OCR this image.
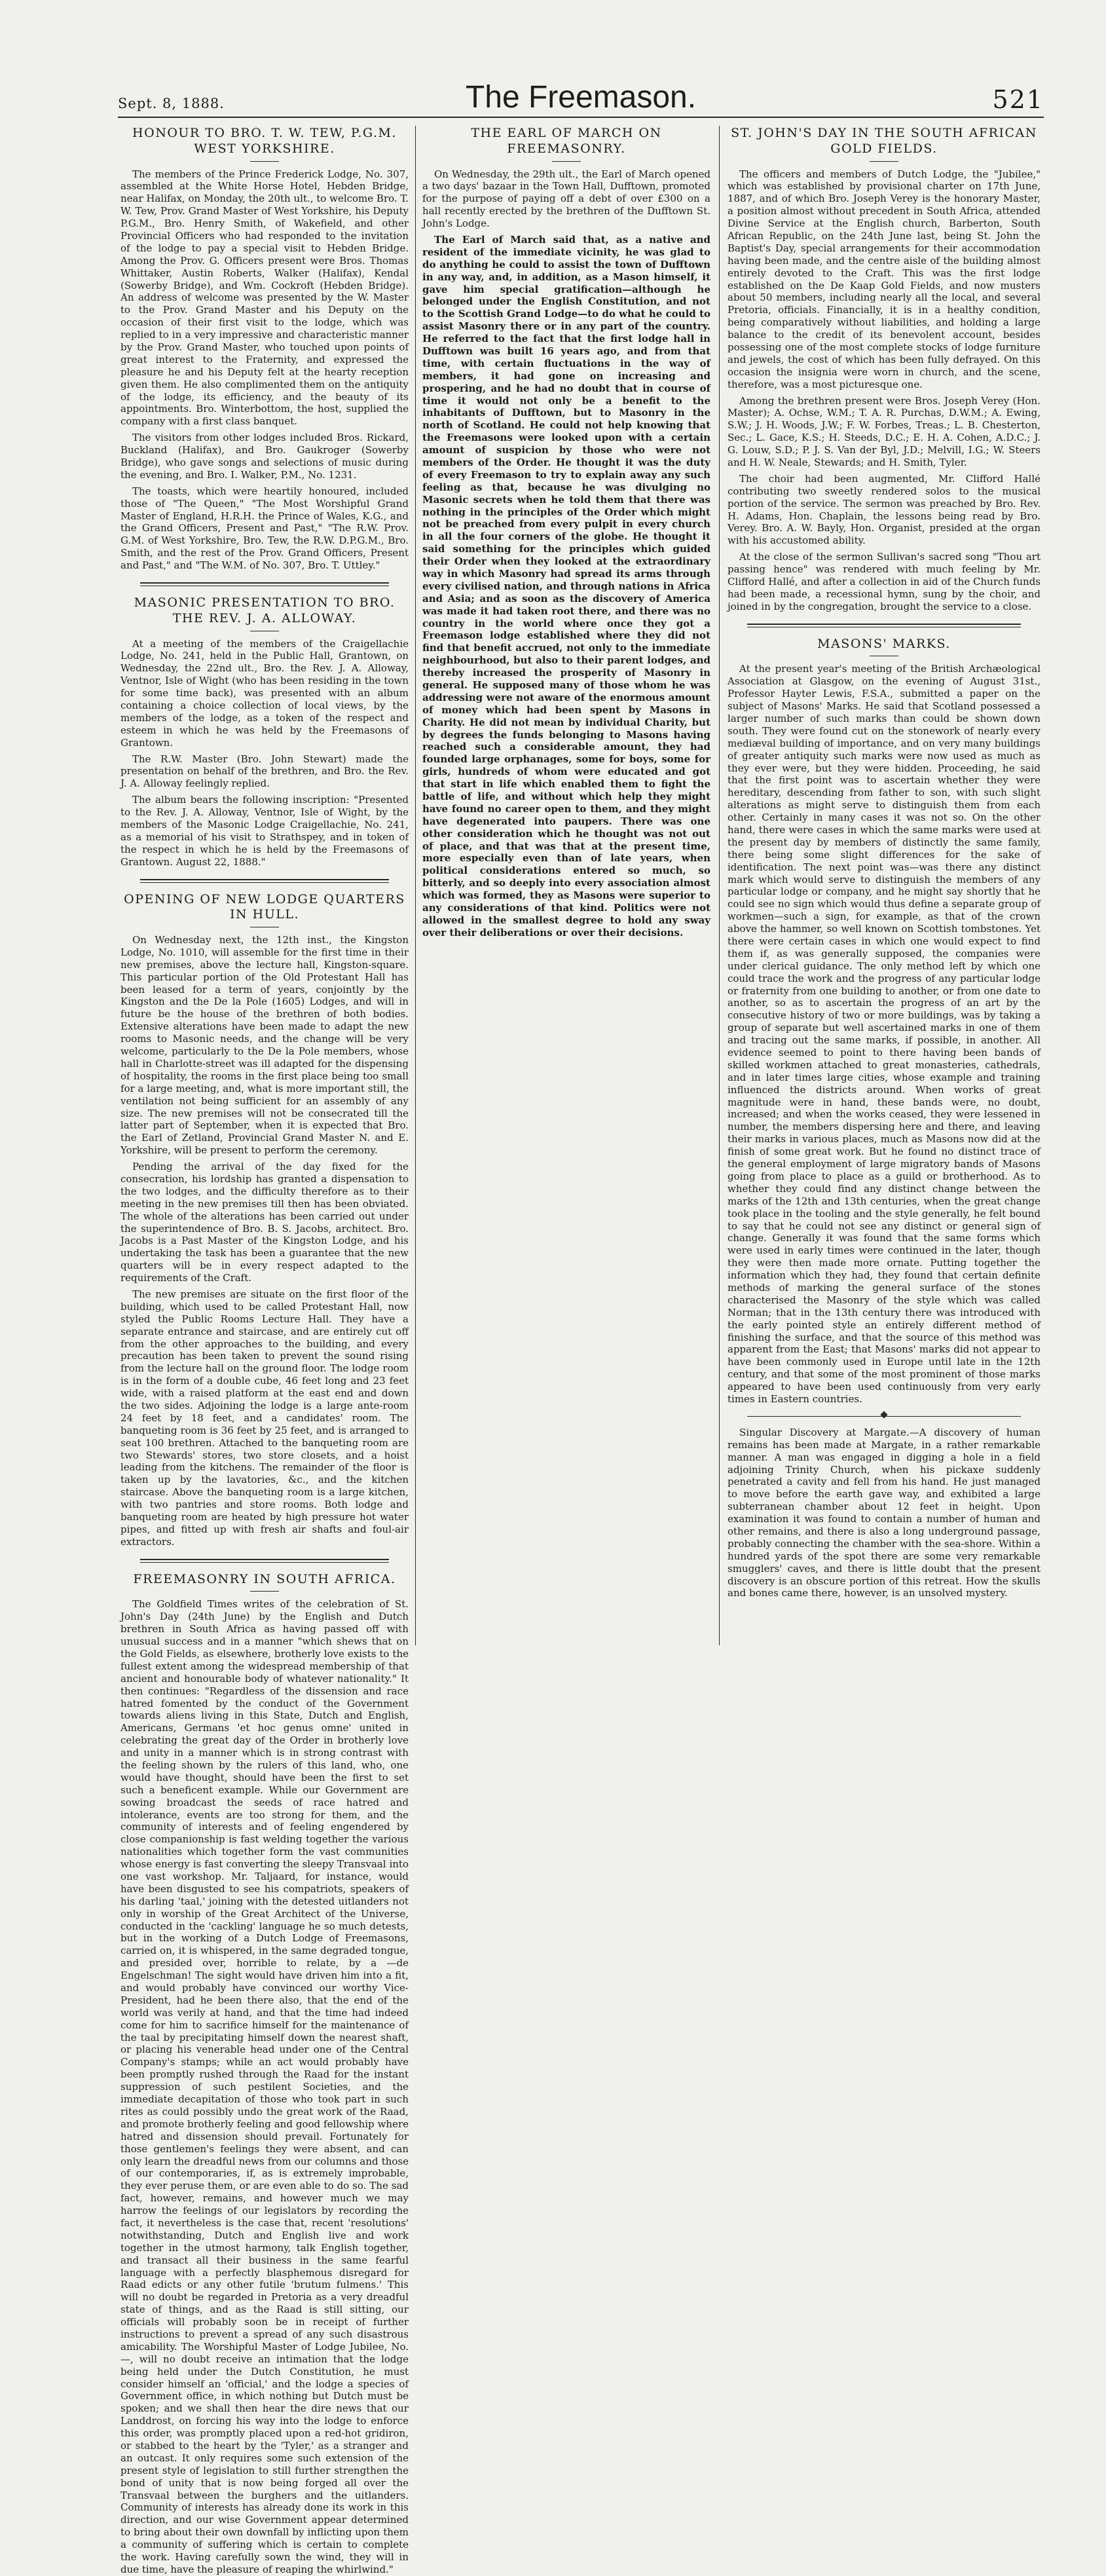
Sept. 8, 1888.	The Freemason.	521
HONOUR TO BRO. T. W. TEW, P.G.M. WEST YORKSHIRE.

The members of the Prince Frederick Lodge, No. 307, assembled at the White Horse Hotel, Hebden Bridge, near Halifax, on Monday, the 20th ult., to welcome Bro. T. W. Tew, Prov. Grand Master of West Yorkshire, his Deputy P.G.M., Bro. Henry Smith, of Wakefield, and other Provincial Officers who had responded to the invitation of the lodge to pay a special visit to Hebden Bridge. Among the Prov. G. Officers present were Bros. Thomas Whittaker, Austin Roberts, Walker (Halifax), Kendal (Sowerby Bridge), and Wm. Cockroft (Hebden Bridge). An address of welcome was presented by the W. Master to the Prov. Grand Master and his Deputy on the occasion of their first visit to the lodge, which was replied to in a very impressive and characteristic manner by the Prov. Grand Master, who touched upon points of great interest to the Fraternity, and expressed the pleasure he and his Deputy felt at the hearty reception given them. He also complimented them on the antiquity of the lodge, its efficiency, and the beauty of its appointments. Bro. Winterbottom, the host, supplied the company with a first class banquet.

The visitors from other lodges included Bros. Rickard, Buckland (Halifax), and Bro. Gaukroger (Sowerby Bridge), who gave songs and selections of music during the evening, and Bro. I. Walker, P.M., No. 1231.

The toasts, which were heartily honoured, included those of "The Queen," "The Most Worshipful Grand Master of England, H.R.H. the Prince of Wales, K.G., and the Grand Officers, Present and Past," "The R.W. Prov. G.M. of West Yorkshire, Bro. Tew, the R.W. D.P.G.M., Bro. Smith, and the rest of the Prov. Grand Officers, Present and Past," and "The W.M. of No. 307, Bro. T. Uttley."

MASONIC PRESENTATION TO BRO. THE REV. J. A. ALLOWAY.

At a meeting of the members of the Craigellachie Lodge, No. 241, held in the Public Hall, Grantown, on Wednesday, the 22nd ult., Bro. the Rev. J. A. Alloway, Ventnor, Isle of Wight (who has been residing in the town for some time back), was presented with an album containing a choice collection of local views, by the members of the lodge, as a token of the respect and esteem in which he was held by the Freemasons of Grantown.

The R.W. Master (Bro. John Stewart) made the presentation on behalf of the brethren, and Bro. the Rev. J. A. Alloway feelingly replied.

The album bears the following inscription: "Presented to the Rev. J. A. Alloway, Ventnor, Isle of Wight, by the members of the Masonic Lodge Craigellachie, No. 241, as a memorial of his visit to Strathspey, and in token of the respect in which he is held by the Freemasons of Grantown. August 22, 1888."

OPENING OF NEW LODGE QUARTERS IN HULL.

On Wednesday next, the 12th inst., the Kingston Lodge, No. 1010, will assemble for the first time in their new premises, above the lecture hall, Kingston-square. This particular portion of the Old Protestant Hall has been leased for a term of years, conjointly by the Kingston and the De la Pole (1605) Lodges, and will in future be the house of the brethren of both bodies. Extensive alterations have been made to adapt the new rooms to Masonic needs, and the change will be very welcome, particularly to the De la Pole members, whose hall in Charlotte-street was ill adapted for the dispensing of hospitality, the rooms in the first place being too small for a large meeting, and, what is more important still, the ventilation not being sufficient for an assembly of any size. The new premises will not be consecrated till the latter part of September, when it is expected that Bro. the Earl of Zetland, Provincial Grand Master N. and E. Yorkshire, will be present to perform the ceremony.

Pending the arrival of the day fixed for the consecration, his lordship has granted a dispensation to the two lodges, and the difficulty therefore as to their meeting in the new premises till then has been obviated. The whole of the alterations has been carried out under the superintendence of Bro. B. S. Jacobs, architect. Bro. Jacobs is a Past Master of the Kingston Lodge, and his undertaking the task has been a guarantee that the new quarters will be in every respect adapted to the requirements of the Craft.

The new premises are situate on the first floor of the building, which used to be called Protestant Hall, now styled the Public Rooms Lecture Hall. They have a separate entrance and staircase, and are entirely cut off from the other approaches to the building, and every precaution has been taken to prevent the sound rising from the lecture hall on the ground floor. The lodge room is in the form of a double cube, 46 feet long and 23 feet wide, with a raised platform at the east end and down the two sides. Adjoining the lodge is a large ante-room 24 feet by 18 feet, and a candidates' room. The banqueting room is 36 feet by 25 feet, and is arranged to seat 100 brethren. Attached to the banqueting room are two Stewards' stores, two store closets, and a hoist leading from the kitchens. The remainder of the floor is taken up by the lavatories, &c., and the kitchen staircase. Above the banqueting room is a large kitchen, with two pantries and store rooms. Both lodge and banqueting room are heated by high pressure hot water pipes, and fitted up with fresh air shafts and foul-air extractors.

FREEMASONRY IN SOUTH AFRICA.

The Goldfield Times writes of the celebration of St. John's Day (24th June) by the English and Dutch brethren in South Africa as having passed off with unusual success and in a manner "which shews that on the Gold Fields, as elsewhere, brotherly love exists to the fullest extent among the widespread membership of that ancient and honourable body of whatever nationality." It then continues: "Regardless of the dissension and race hatred fomented by the conduct of the Government towards aliens living in this State, Dutch and English, Americans, Germans 'et hoc genus omne' united in celebrating the great day of the Order in brotherly love and unity in a manner which is in strong contrast with the feeling shown by the rulers of this land, who, one would have thought, should have been the first to set such a beneficent example. While our Government are sowing broadcast the seeds of race hatred and intolerance, events are too strong for them, and the community of interests and of feeling engendered by close companionship is fast welding together the various nationalities which together form the vast communities whose energy is fast converting the sleepy Transvaal into one vast workshop. Mr. Taljaard, for instance, would have been disgusted to see his compatriots, speakers of his darling 'taal,' joining with the detested uitlanders not only in worship of the Great Architect of the Universe, conducted in the 'cackling' language he so much detests, but in the working of a Dutch Lodge of Freemasons, carried on, it is whispered, in the same degraded tongue, and presided over, horrible to relate, by a —de Engelschman! The sight would have driven him into a fit, and would probably have convinced our worthy Vice-President, had he been there also, that the end of the world was verily at hand, and that the time had indeed come for him to sacrifice himself for the maintenance of the taal by precipitating himself down the nearest shaft, or placing his venerable head under one of the Central Company's stamps; while an act would probably have been promptly rushed through the Raad for the instant suppression of such pestilent Societies, and the immediate decapitation of those who took part in such rites as could possibly undo the great work of the Raad, and promote brotherly feeling and good fellowship where hatred and dissension should prevail. Fortunately for those gentlemen's feelings they were absent, and can only learn the dreadful news from our columns and those of our contemporaries, if, as is extremely improbable, they ever peruse them, or are even able to do so. The sad fact, however, remains, and however much we may harrow the feelings of our legislators by recording the fact, it nevertheless is the case that, recent 'resolutions' notwithstanding, Dutch and English live and work together in the utmost harmony, talk English together, and transact all their business in the same fearful language with a perfectly blasphemous disregard for Raad edicts or any other futile 'brutum fulmens.' This will no doubt be regarded in Pretoria as a very dreadful state of things, and as the Raad is still sitting, our officials will probably soon be in receipt of further instructions to prevent a spread of any such disastrous amicability. The Worshipful Master of Lodge Jubilee, No. —, will no doubt receive an intimation that the lodge being held under the Dutch Constitution, he must consider himself an 'official,' and the lodge a species of Government office, in which nothing but Dutch must be spoken; and we shall then hear the dire news that our Landdrost, on forcing his way into the lodge to enforce this order, was promptly placed upon a red-hot gridiron, or stabbed to the heart by the 'Tyler,' as a stranger and an outcast. It only requires some such extension of the present style of legislation to still further strengthen the bond of unity that is now being forged all over the Transvaal between the burghers and the uitlanders. Community of interests has already done its work in this direction, and our wise Government appear determined to bring about their own downfall by inflicting upon them a community of suffering which is certain to complete the work. Having carefully sown the wind, they will in due time, have the pleasure of reaping the whirlwind."

THE EARL OF MARCH ON FREEMASONRY.

On Wednesday, the 29th ult., the Earl of March opened a two days' bazaar in the Town Hall, Dufftown, promoted for the purpose of paying off a debt of over £300 on a hall recently erected by the brethren of the Dufftown St. John's Lodge.

The Earl of March said that, as a native and resident of the immediate vicinity, he was glad to do anything he could to assist the town of Dufftown in any way, and, in addition, as a Mason himself, it gave him special gratification—although he belonged under the English Constitution, and not to the Scottish Grand Lodge—to do what he could to assist Masonry there or in any part of the country. He referred to the fact that the first lodge hall in Dufftown was built 16 years ago, and from that time, with certain fluctuations in the way of members, it had gone on increasing and prospering, and he had no doubt that in course of time it would not only be a benefit to the inhabitants of Dufftown, but to Masonry in the north of Scotland. He could not help knowing that the Freemasons were looked upon with a certain amount of suspicion by those who were not members of the Order. He thought it was the duty of every Freemason to try to explain away any such feeling as that, because he was divulging no Masonic secrets when he told them that there was nothing in the principles of the Order which might not be preached from every pulpit in every church in all the four corners of the globe. He thought it said something for the principles which guided their Order when they looked at the extraordinary way in which Masonry had spread its arms through every civilised nation, and through nations in Africa and Asia; and as soon as the discovery of America was made it had taken root there, and there was no country in the world where once they got a Freemason lodge established where they did not find that benefit accrued, not only to the immediate neighbourhood, but also to their parent lodges, and thereby increased the prosperity of Masonry in general. He supposed many of those whom he was addressing were not aware of the enormous amount of money which had been spent by Masons in Charity. He did not mean by individual Charity, but by degrees the funds belonging to Masons having reached such a considerable amount, they had founded large orphanages, some for boys, some for girls, hundreds of whom were educated and got that start in life which enabled them to fight the battle of life, and without which help they might have found no career open to them, and they might have degenerated into paupers. There was one other consideration which he thought was not out of place, and that was that at the present time, more especially even than of late years, when political considerations entered so much, so bitterly, and so deeply into every association almost which was formed, they as Masons were superior to any considerations of that kind. Politics were not allowed in the smallest degree to hold any sway over their deliberations or over their decisions.

ST. JOHN'S DAY IN THE SOUTH AFRICAN GOLD FIELDS.

The officers and members of Dutch Lodge, the "Jubilee," which was established by provisional charter on 17th June, 1887, and of which Bro. Joseph Verey is the honorary Master, a position almost without precedent in South Africa, attended Divine Service at the English church, Barberton, South African Republic, on the 24th June last, being St. John the Baptist's Day, special arrangements for their accommodation having been made, and the centre aisle of the building almost entirely devoted to the Craft. This was the first lodge established on the De Kaap Gold Fields, and now musters about 50 members, including nearly all the local, and several Pretoria, officials. Financially, it is in a healthy condition, being comparatively without liabilities, and holding a large balance to the credit of its benevolent account, besides possessing one of the most complete stocks of lodge furniture and jewels, the cost of which has been fully defrayed. On this occasion the insignia were worn in church, and the scene, therefore, was a most picturesque one.

Among the brethren present were Bros. Joseph Verey (Hon. Master); A. Ochse, W.M.; T. A. R. Purchas, D.W.M.; A. Ewing, S.W.; J. H. Woods, J.W.; F. W. Forbes, Treas.; L. B. Chesterton, Sec.; L. Gace, K.S.; H. Steeds, D.C.; E. H. A. Cohen, A.D.C.; J. G. Louw, S.D.; P. J. S. Van der Byl, J.D.; Melvill, I.G.; W. Steers and H. W. Neale, Stewards; and H. Smith, Tyler.

The choir had been augmented, Mr. Clifford Hallé contributing two sweetly rendered solos to the musical portion of the service. The sermon was preached by Bro. Rev. H. Adams, Hon. Chaplain, the lessons being read by Bro. Verey. Bro. A. W. Bayly, Hon. Organist, presided at the organ with his accustomed ability.

At the close of the sermon Sullivan's sacred song "Thou art passing hence" was rendered with much feeling by Mr. Clifford Hallé, and after a collection in aid of the Church funds had been made, a recessional hymn, sung by the choir, and joined in by the congregation, brought the service to a close.

MASONS' MARKS.

At the present year's meeting of the British Archæological Association at Glasgow, on the evening of August 31st., Professor Hayter Lewis, F.S.A., submitted a paper on the subject of Masons' Marks. He said that Scotland possessed a larger number of such marks than could be shown down south. They were found cut on the stonework of nearly every mediæval building of importance, and on very many buildings of greater antiquity such marks were now used as much as they ever were, but they were hidden. Proceeding, he said that the first point was to ascertain whether they were hereditary, descending from father to son, with such slight alterations as might serve to distinguish them from each other. Certainly in many cases it was not so. On the other hand, there were cases in which the same marks were used at the present day by members of distinctly the same family, there being some slight differences for the sake of identification. The next point was—was there any distinct mark which would serve to distinguish the members of any particular lodge or company, and he might say shortly that he could see no sign which would thus define a separate group of workmen—such a sign, for example, as that of the crown above the hammer, so well known on Scottish tombstones. Yet there were certain cases in which one would expect to find them if, as was generally supposed, the companies were under clerical guidance. The only method left by which one could trace the work and the progress of any particular lodge or fraternity from one building to another, or from one date to another, so as to ascertain the progress of an art by the consecutive history of two or more buildings, was by taking a group of separate but well ascertained marks in one of them and tracing out the same marks, if possible, in another. All evidence seemed to point to there having been bands of skilled workmen attached to great monasteries, cathedrals, and in later times large cities, whose example and training influenced the districts around. When works of great magnitude were in hand, these bands were, no doubt, increased; and when the works ceased, they were lessened in number, the members dispersing here and there, and leaving their marks in various places, much as Masons now did at the finish of some great work. But he found no distinct trace of the general employment of large migratory bands of Masons going from place to place as a guild or brotherhood. As to whether they could find any distinct change between the marks of the 12th and 13th centuries, when the great change took place in the tooling and the style generally, he felt bound to say that he could not see any distinct or general sign of change. Generally it was found that the same forms which were used in early times were continued in the later, though they were then made more ornate. Putting together the information which they had, they found that certain definite methods of marking the general surface of the stones characterised the Masonry of the style which was called Norman; that in the 13th century there was introduced with the early pointed style an entirely different method of finishing the surface, and that the source of this method was apparent from the East; that Masons' marks did not appear to have been commonly used in Europe until late in the 12th century, and that some of the most prominent of those marks appeared to have been used continuously from very early times in Eastern countries.

Singular Discovery at Margate.—A discovery of human remains has been made at Margate, in a rather remarkable manner. A man was engaged in digging a hole in a field adjoining Trinity Church, when his pickaxe suddenly penetrated a cavity and fell from his hand. He just managed to move before the earth gave way, and exhibited a large subterranean chamber about 12 feet in height. Upon examination it was found to contain a number of human and other remains, and there is also a long underground passage, probably connecting the chamber with the sea-shore. Within a hundred yards of the spot there are some very remarkable smugglers' caves, and there is little doubt that the present discovery is an obscure portion of this retreat. How the skulls and bones came there, however, is an unsolved mystery.
